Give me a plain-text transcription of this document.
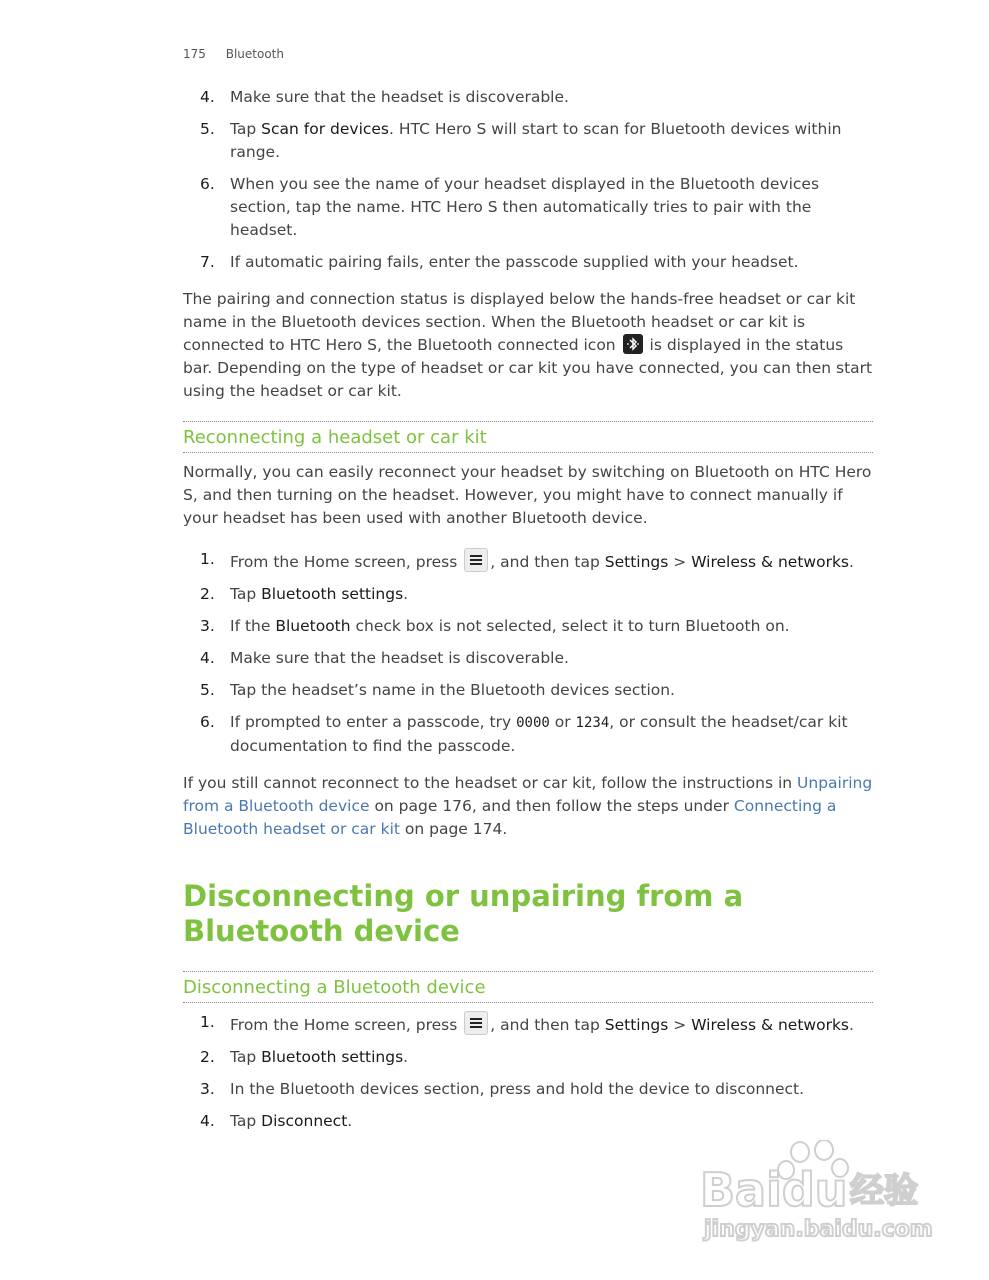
175 Bluetooth
4. Make sure that the headset is discoverable.
5. Tap Scan for devices. HTC Hero S will start to scan for Bluetooth devices within range.
6. When you see the name of your headset displayed in the Bluetooth devices section, tap the name. HTC Hero S then automatically tries to pair with the headset.
7. If automatic pairing fails, enter the passcode supplied with your headset.

The pairing and connection status is displayed below the hands-free headset or car kit name in the Bluetooth devices section. When the Bluetooth headset or car kit is connected to HTC Hero S, the Bluetooth connected icon is displayed in the status bar. Depending on the type of headset or car kit you have connected, you can then start using the headset or car kit.

Reconnecting a headset or car kit

Normally, you can easily reconnect your headset by switching on Bluetooth on HTC Hero S, and then turning on the headset. However, you might have to connect manually if your headset has been used with another Bluetooth device.

1. From the Home screen, press , and then tap Settings > Wireless & networks.
2. Tap Bluetooth settings.
3. If the Bluetooth check box is not selected, select it to turn Bluetooth on.
4. Make sure that the headset is discoverable.
5. Tap the headset’s name in the Bluetooth devices section.
6. If prompted to enter a passcode, try 0000 or 1234, or consult the headset/car kit documentation to find the passcode.

If you still cannot reconnect to the headset or car kit, follow the instructions in Unpairing from a Bluetooth device on page 176, and then follow the steps under Connecting a Bluetooth headset or car kit on page 174.

Disconnecting or unpairing from a Bluetooth device
Disconnecting a Bluetooth device
1. From the Home screen, press , and then tap Settings > Wireless & networks.
2. Tap Bluetooth settings.
3. In the Bluetooth devices section, press and hold the device to disconnect.
4. Tap Disconnect.
Baidu 经验
jingyan.baidu.com
